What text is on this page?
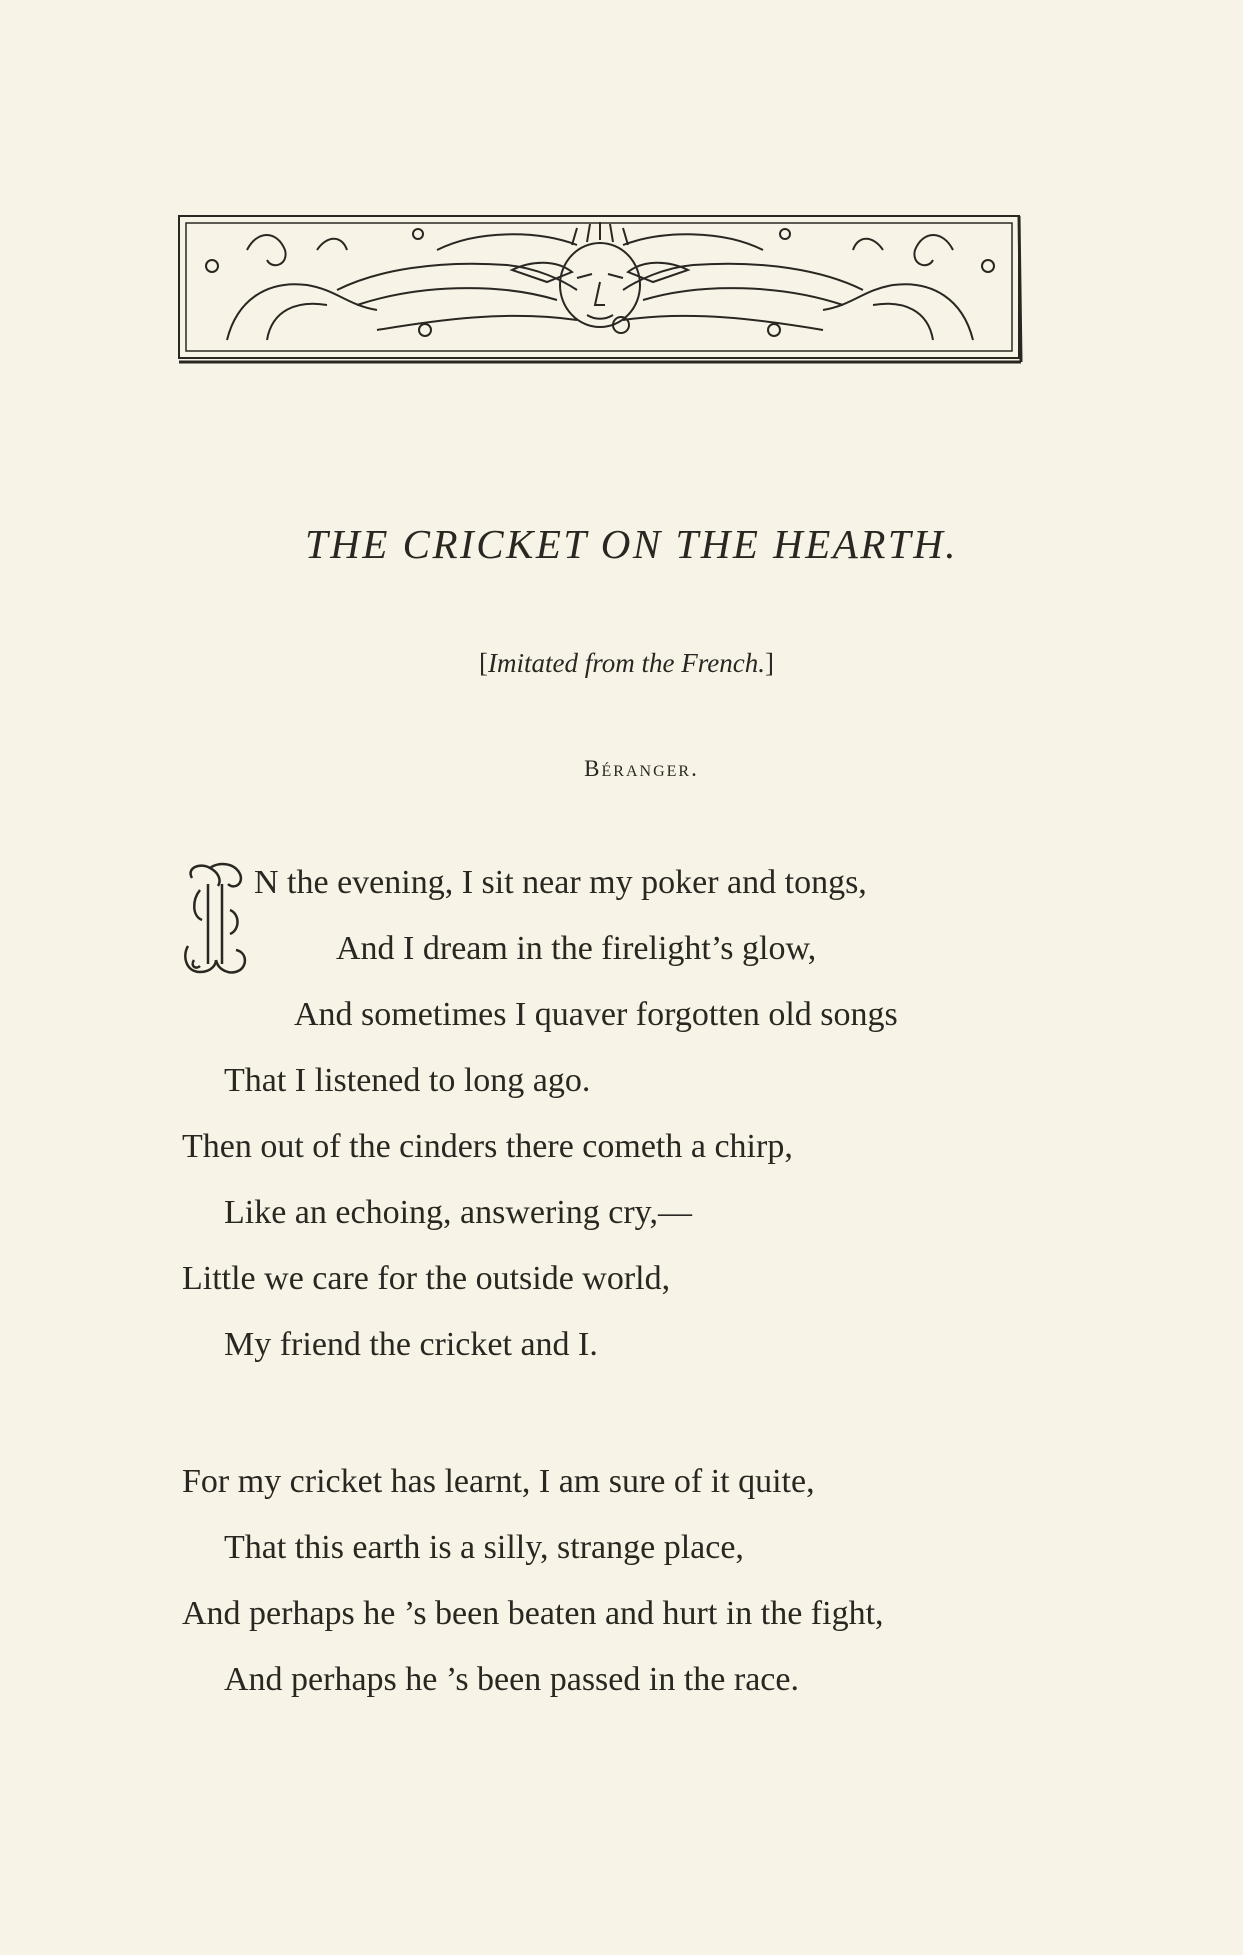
THE CRICKET ON THE HEARTH.
[Imitated from the French.]
Béranger.
N the evening, I sit near my poker and tongs,
And I dream in the firelight’s glow,
And sometimes I quaver forgotten old songs
That I listened to long ago.
Then out of the cinders there cometh a chirp,
Like an echoing, answering cry,—
Little we care for the outside world,
My friend the cricket and I.
For my cricket has learnt, I am sure of it quite,
That this earth is a silly, strange place,
And perhaps he ’s been beaten and hurt in the fight,
And perhaps he ’s been passed in the race.
